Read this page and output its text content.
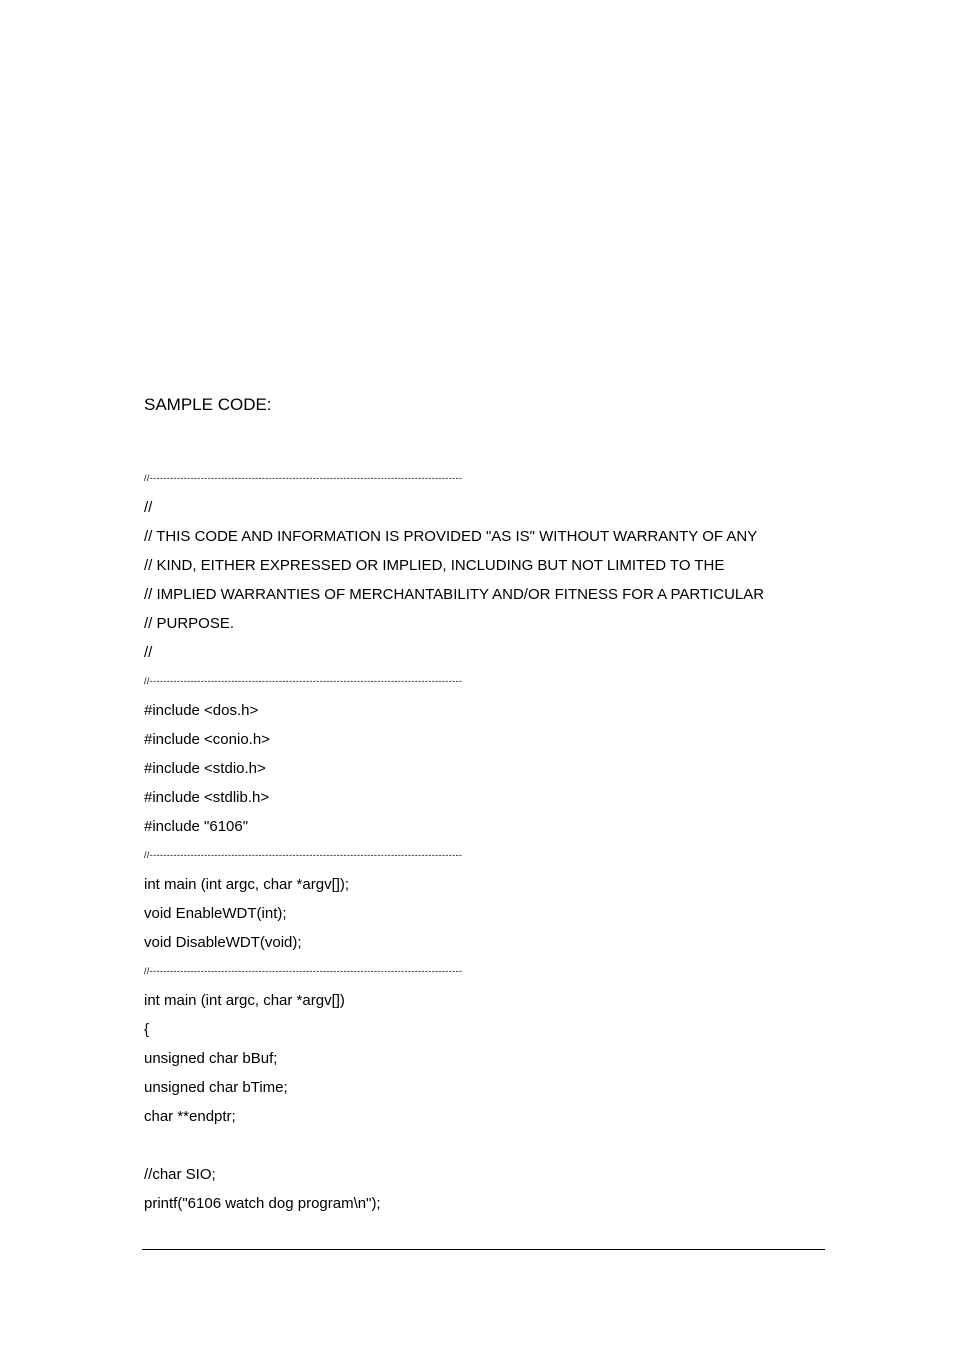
SAMPLE CODE:
//--------------------------------------------------------------------------------------------
//
// THIS CODE AND INFORMATION IS PROVIDED "AS IS" WITHOUT WARRANTY OF ANY
// KIND, EITHER EXPRESSED OR IMPLIED, INCLUDING BUT NOT LIMITED TO THE
// IMPLIED WARRANTIES OF MERCHANTABILITY AND/OR FITNESS FOR A PARTICULAR
// PURPOSE.
//
//--------------------------------------------------------------------------------------------
#include <dos.h>
#include <conio.h>
#include <stdio.h>
#include <stdlib.h>
#include "6106"
//--------------------------------------------------------------------------------------------
int main (int argc, char *argv[]);
void EnableWDT(int);
void DisableWDT(void);
//--------------------------------------------------------------------------------------------
int main (int argc, char *argv[])
{
unsigned char bBuf;
unsigned char bTime;
char **endptr;
//char SIO;
printf("6106 watch dog program\n");
